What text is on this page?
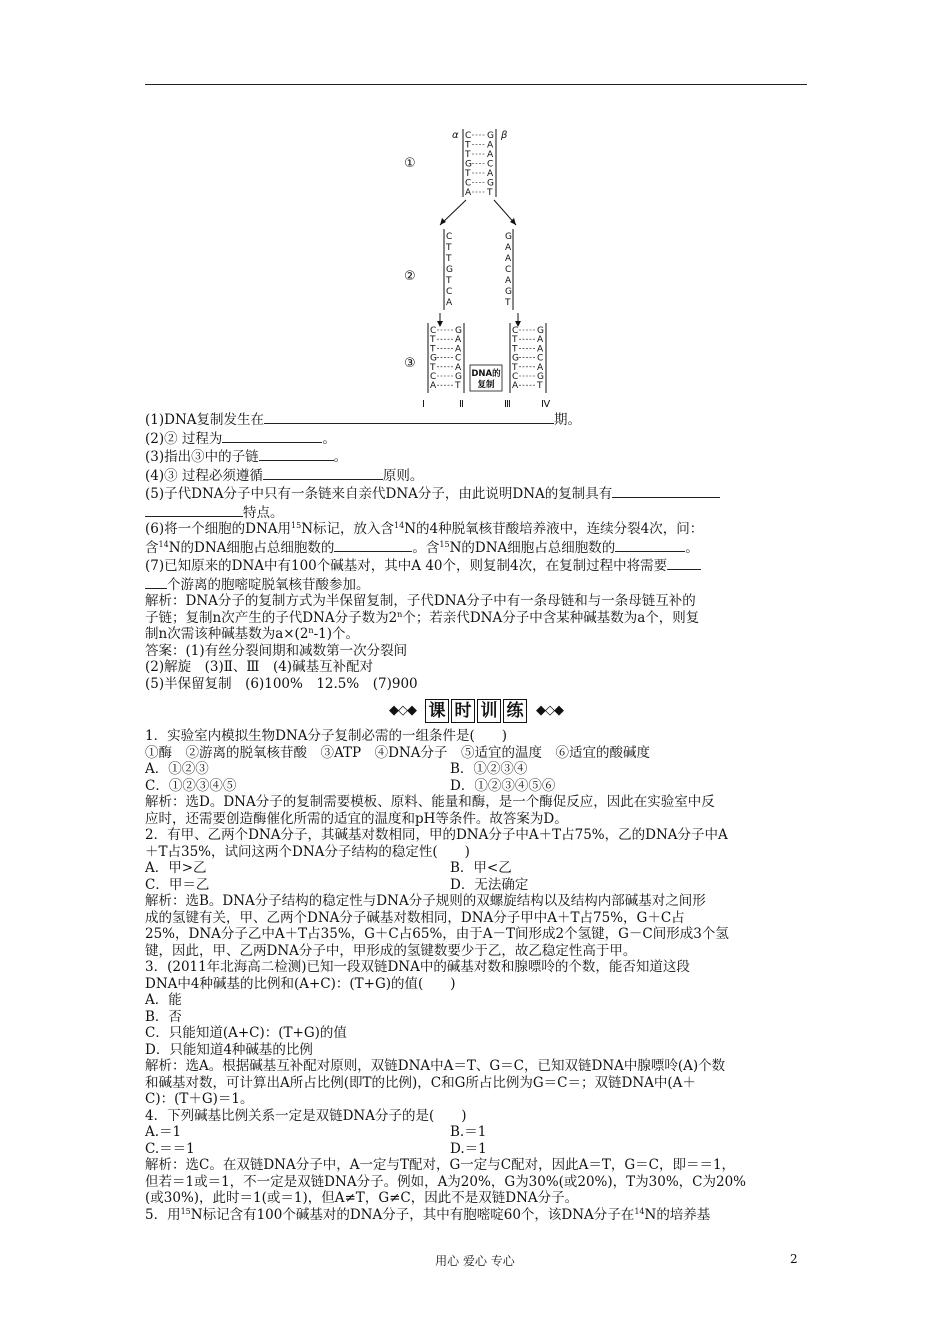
α	β
①
C G
T A
T A
G C
T A
C G
A T
②
C
T
T
G
T
C
A
G
A
A
C
A
G
T
③
C G
T A
T A
G C
T A
C G
A T
C G
T A
T A
G C
T A
C G
A T
DNA的
复制
Ⅰ	Ⅱ	Ⅲ	Ⅳ

(1)DNA复制发生在	期。

(2)② 过程为	。

(3)指出③中的子链	。

(4)③ 过程必须遵循	原则。

(5)子代DNA分子中只有一条链来自亲代DNA分子，由此说明DNA的复制具有

特点。

(6)将一个细胞的DNA用$^{15}$N标记，放入含$^{14}$N的4种脱氧核苷酸培养液中，连续分裂4次，问：

含$^{14}$N的DNA细胞占总细胞数的	。含$^{15}$N的DNA细胞占总细胞数的	。

(7)已知原来的DNA中有100个碱基对，其中A 40个，则复制4次，在复制过程中将需要

个游离的胞嘧啶脱氧核苷酸参加。

解析：DNA分子的复制方式为半保留复制，子代DNA分子中有一条母链和与一条母链互补的

子链；复制n次产生的子代DNA分子数为2$^n$个；若亲代DNA分子中含某种碱基数为a个，则复

制n次需该种碱基数为$a\times(2^n-1)$个。

答案：(1)有丝分裂间期和减数第一次分裂间

(2)解旋　(3)Ⅱ、Ⅲ　(4)碱基互补配对

(5)半保留复制　(6)100%　12.5%　(7)900

◆◇◆ 课 时 训 练 ◆◇◆

1．实验室内模拟生物DNA分子复制必需的一组条件是(　　)

①酶　②游离的脱氧核苷酸　③ATP　④DNA分子　⑤适宜的温度　⑥适宜的酸碱度

A．①②③	B．①②③④
C．①②③④⑤	D．①②③④⑤⑥

解析：选D。DNA分子的复制需要模板、原料、能量和酶，是一个酶促反应，因此在实验室中反

应时，还需要创造酶催化所需的适宜的温度和pH等条件。故答案为D。

2．有甲、乙两个DNA分子，其碱基对数相同，甲的DNA分子中A＋T占75%，乙的DNA分子中A

＋T占35%，试问这两个DNA分子结构的稳定性(　　)

A．甲>乙	B．甲<乙
C．甲＝乙	D．无法确定

解析：选B。DNA分子结构的稳定性与DNA分子规则的双螺旋结构以及结构内部碱基对之间形

成的氢键有关，甲、乙两个DNA分子碱基对数相同，DNA分子甲中A＋T占75%，G＋C占

25%，DNA分子乙中A＋T占35%，G＋C占65%，由于A－T间形成2个氢键，G－C间形成3个氢

键，因此，甲、乙两DNA分子中，甲形成的氢键数要少于乙，故乙稳定性高于甲。

3．(2011年北海高二检测)已知一段双链DNA中的碱基对数和腺嘌呤的个数，能否知道这段

DNA中4种碱基的比例和(A+C)：(T+G)的值(　　)

A．能

B．否

C．只能知道(A+C)：(T+G)的值

D．只能知道4种碱基的比例

解析：选A。根据碱基互补配对原则，双链DNA中A＝T、G＝C，已知双链DNA中腺嘌呤(A)个数

和碱基对数，可计算出A所占比例(即T的比例)，C和G所占比例为G＝C＝；双链DNA中(A＋

C)：(T＋G)＝1。

4．下列碱基比例关系一定是双链DNA分子的是(　　)

A.＝1	B.＝1
C.＝＝1	D.＝1

解析：选C。在双链DNA分子中，A一定与T配对，G一定与C配对，因此A＝T，G＝C，即＝＝1，

但若＝1或＝1，不一定是双链DNA分子。例如，A为20%，G为30%(或20%)，T为30%，C为20%

(或30%)，此时＝1(或＝1)，但A≠T，G≠C，因此不是双链DNA分子。

5．用$^{15}$N标记含有100个碱基对的DNA分子，其中有胞嘧啶60个，该DNA分子在$^{14}$N的培养基

用心 爱心 专心	2
